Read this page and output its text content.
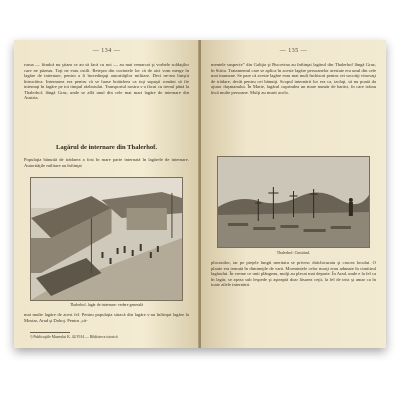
— 134 —
rurua — fiindcă nu ştiam ce au să facă cu noi — au mai remarcat şi vorbele soldaţilor care ne păzeau. Toţi ne erau ostili. Reieşea din cuvintele lor că de aici vom merge în lagăre de internare, pentru a fi încredinţaţi autorităţilor militare. Deci ne-am liniştit întrucâtva. Internarea era pentru că se luase hotărârea ca toţi supuşii români să fie internaţi în lagăre pe tot timpul războiului. Transportul nostru s-a făcut cu trenul până la Thalerhof, lângă Graz, unde se află unul din cele mai mari lagăre de internare din Austria.
Lagărul de internare din Thalerhof.
Populaţia bănuită de trădarea a fost în mare parte internată în lagărele de internare. Autorităţile militare au înfiinţat
Thalerhof, lagăr de internare: vedere generală
mai multe lagăre de acest fel. Pentru populaţia săracă din lagăre s-au înfiinţat lagăre la Mostar, Arad şi Doboj. Pentru „ră-
¹) Publicaţiile Muzeului K. 42/1914 — Biblioteca istorică
— 135 —
mentele suspecte” din Galiţia şi Bucovina au înfiinţat lagărul din Thalerhof lângă Graz, în Stiria. Tratamentul care se aplica în aceste lagăre persoanelor arestate era unul din cele mai inumane. Se pare că aceste lagăre erau mai mult închisori pentru cei socotiţi vinovaţi de trădare, decât pentru cei bănuiţi. Scopul internării lor era ca, izolaţi, să nu poată da ajutor duşmanului. În Marie, lagărul cuprindea un mare număr de barăci, în care trăiau încă multe persoane. Mulţi au murit acolo.
Thalerhof: Cimitirul.
ploconilor, iar pe pieţele lungii meritatu se privesc drăchicuratu şi crucea locului. O ploaie era temută în dimineţile de vară. Mormintele celor morţi erau adunate în cimitirul lagărului. În vreme ce unii plângeau, mulţi au plecat mai departe. În Arad, unde e la fel ca în lagăr, se aşeza sub lespede şi aşteaptă doar lăsarea ceţii, la fel de trist şi amar ca în toate zilele internării.
